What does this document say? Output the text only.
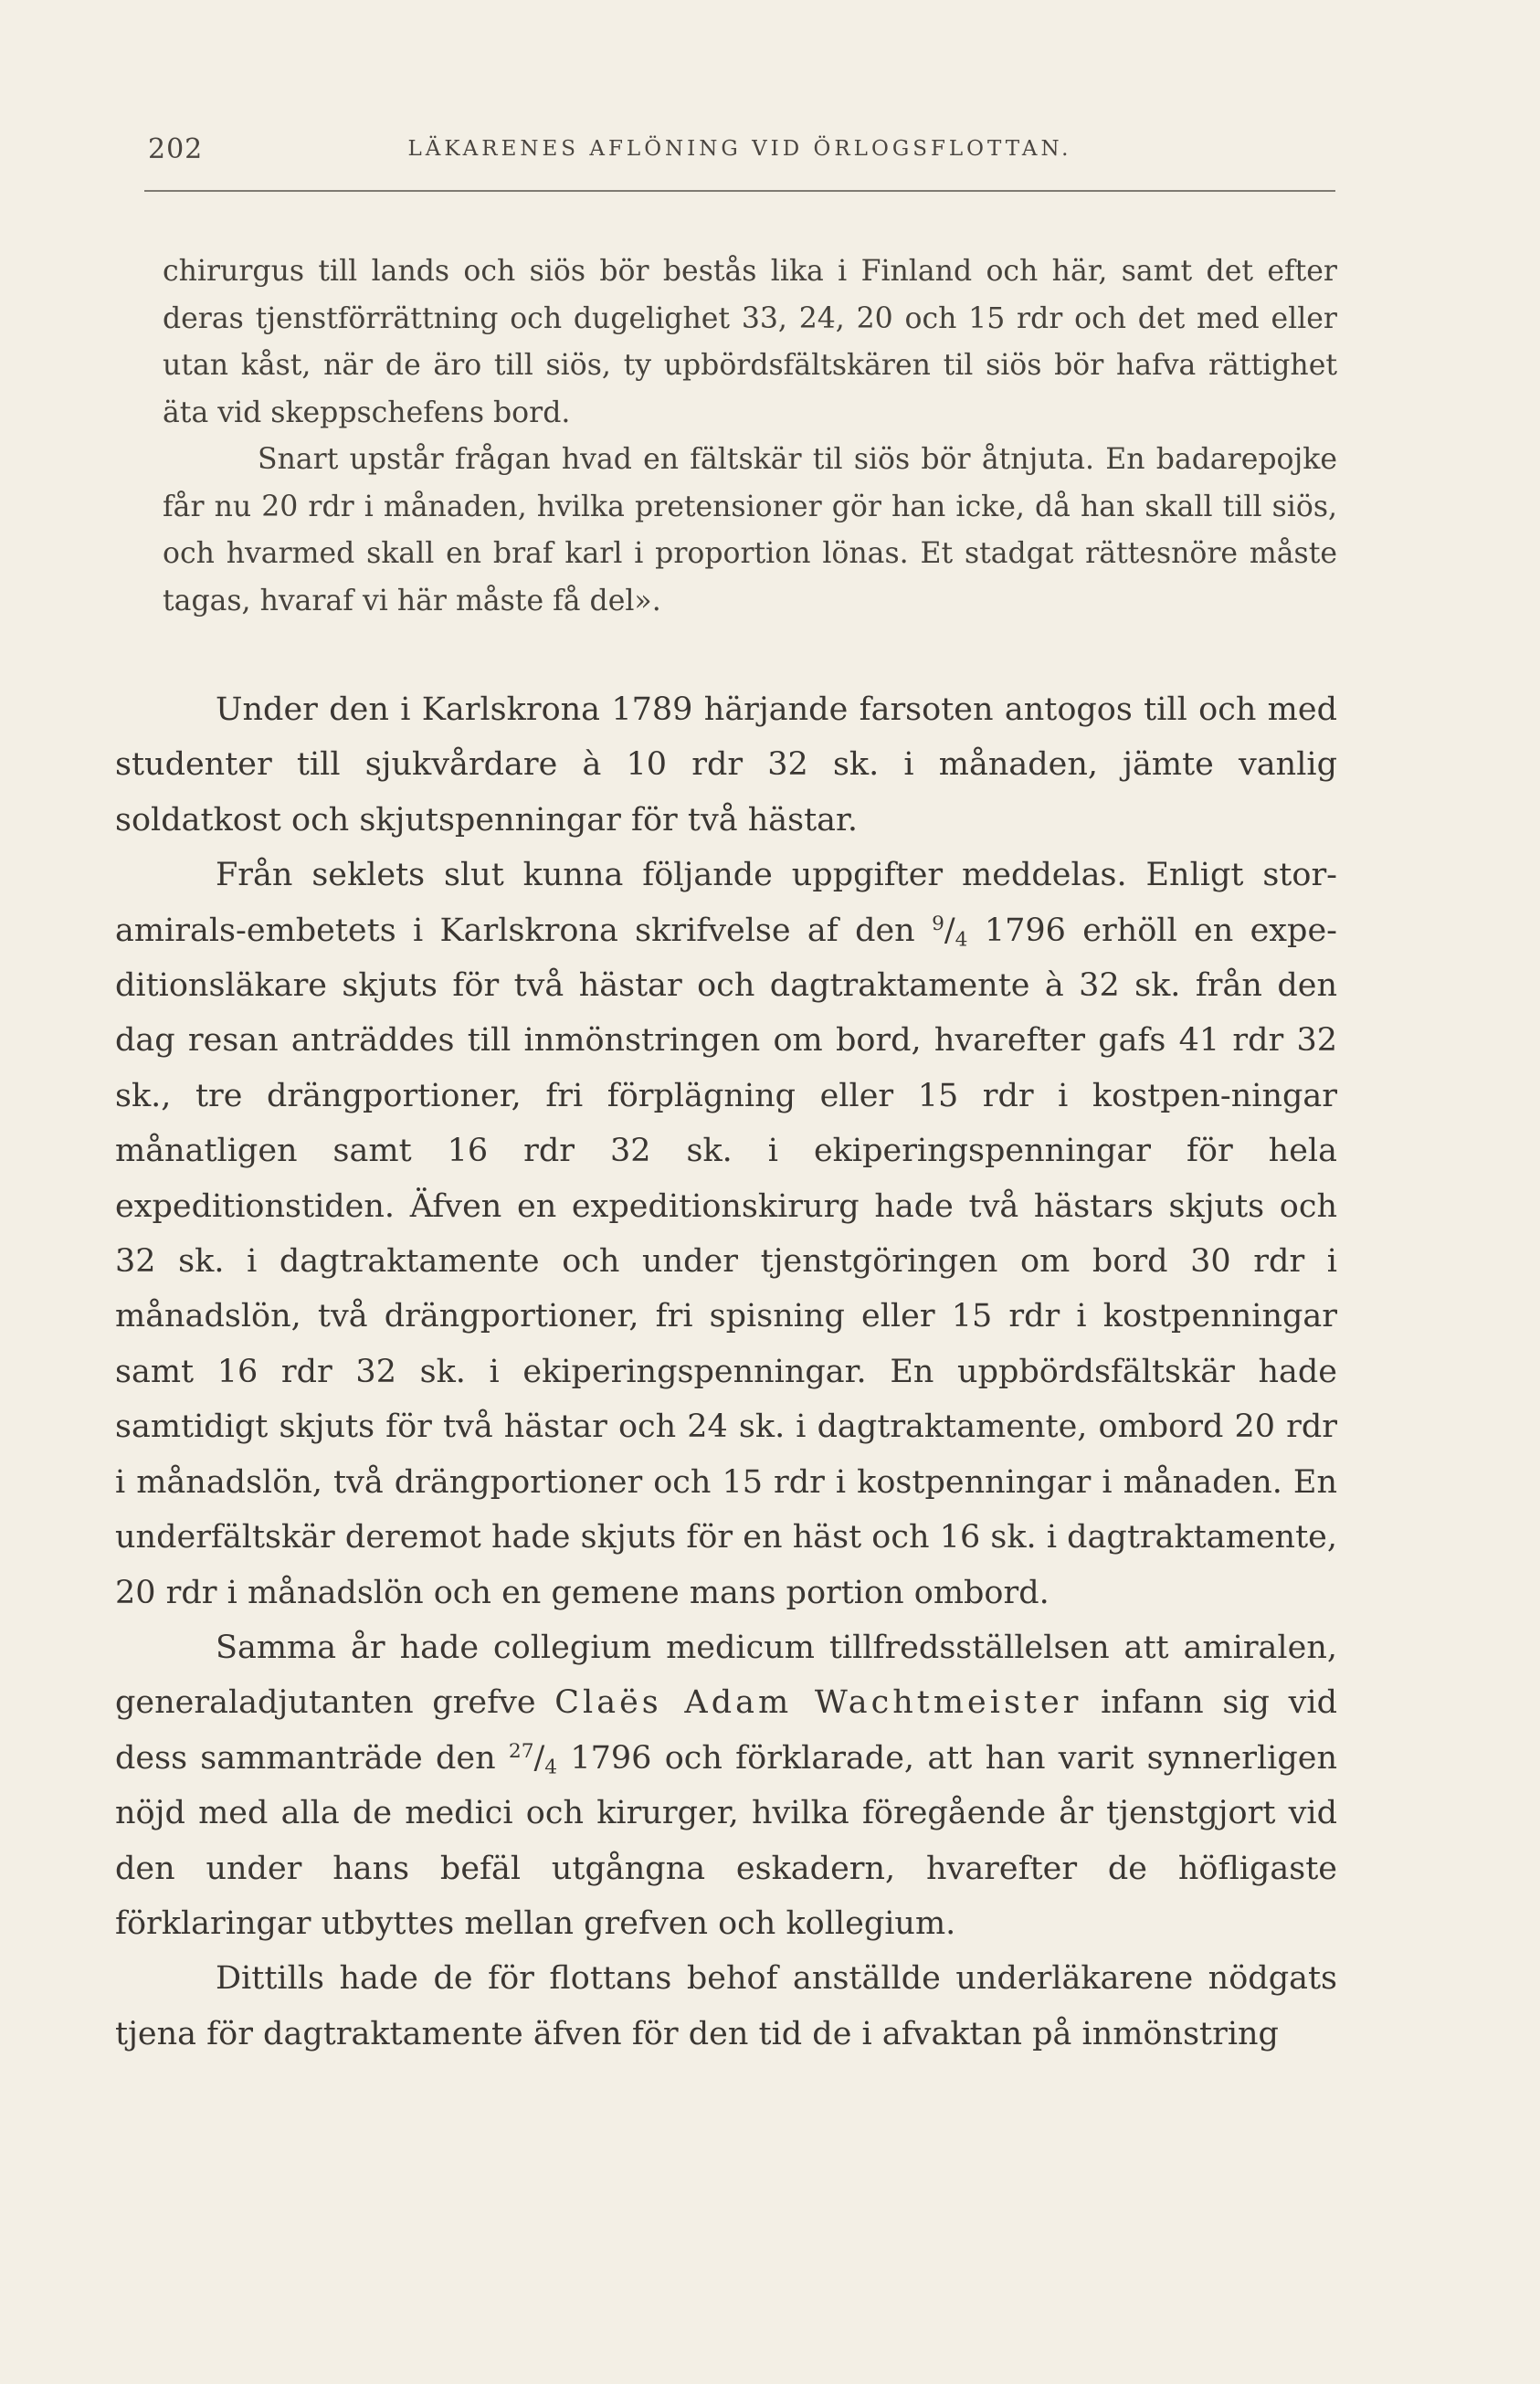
202	LÄKARENES AFLÖNING VID ÖRLOGSFLOTTAN.

chirurgus till lands och siös bör bestås lika i Finland och här, samt det efter deras tjenstförrättning och dugelighet 33, 24, 20 och 15 rdr och det med eller utan kåst, när de äro till siös, ty upbördsfältskären til siös bör hafva rättighet äta vid skeppschefens bord.

Snart upstår frågan hvad en fältskär til siös bör åtnjuta. En badarepojke får nu 20 rdr i månaden, hvilka pretensioner gör han icke, då han skall till siös, och hvarmed skall en braf karl i proportion lönas. Et stadgat rättesnöre måste tagas, hvaraf vi här måste få del».

Under den i Karlskrona 1789 härjande farsoten antogos till och med studenter till sjukvårdare à 10 rdr 32 sk. i månaden, jämte vanlig soldatkost och skjutspenningar för två hästar.

Från seklets slut kunna följande uppgifter meddelas. Enligt stor-amirals-embetets i Karlskrona skrifvelse af den $^9/_4$ 1796 erhöll en expe-ditionsläkare skjuts för två hästar och dagtraktamente à 32 sk. från den dag resan anträddes till inmönstringen om bord, hvarefter gafs 41 rdr 32 sk., tre drängportioner, fri förplägning eller 15 rdr i kostpen-ningar månatligen samt 16 rdr 32 sk. i ekiperingspenningar för hela expeditionstiden. Äfven en expeditionskirurg hade två hästars skjuts och 32 sk. i dagtraktamente och under tjenstgöringen om bord 30 rdr i månadslön, två drängportioner, fri spisning eller 15 rdr i kostpenningar samt 16 rdr 32 sk. i ekiperingspenningar. En uppbördsfältskär hade samtidigt skjuts för två hästar och 24 sk. i dagtraktamente, ombord 20 rdr i månadslön, två drängportioner och 15 rdr i kostpenningar i månaden. En underfältskär deremot hade skjuts för en häst och 16 sk. i dagtraktamente, 20 rdr i månadslön och en gemene mans portion ombord.

Samma år hade collegium medicum tillfredsställelsen att amiralen, generaladjutanten grefve Claës Adam Wachtmeister infann sig vid dess sammanträde den $^{27}/_4$ 1796 och förklarade, att han varit synnerligen nöjd med alla de medici och kirurger, hvilka föregående år tjenstgjort vid den under hans befäl utgångna eskadern, hvarefter de höfligaste förklaringar utbyttes mellan grefven och kollegium.

Dittills hade de för flottans behof anställde underläkarene nödgats tjena för dagtraktamente äfven för den tid de i afvaktan på inmönstring
